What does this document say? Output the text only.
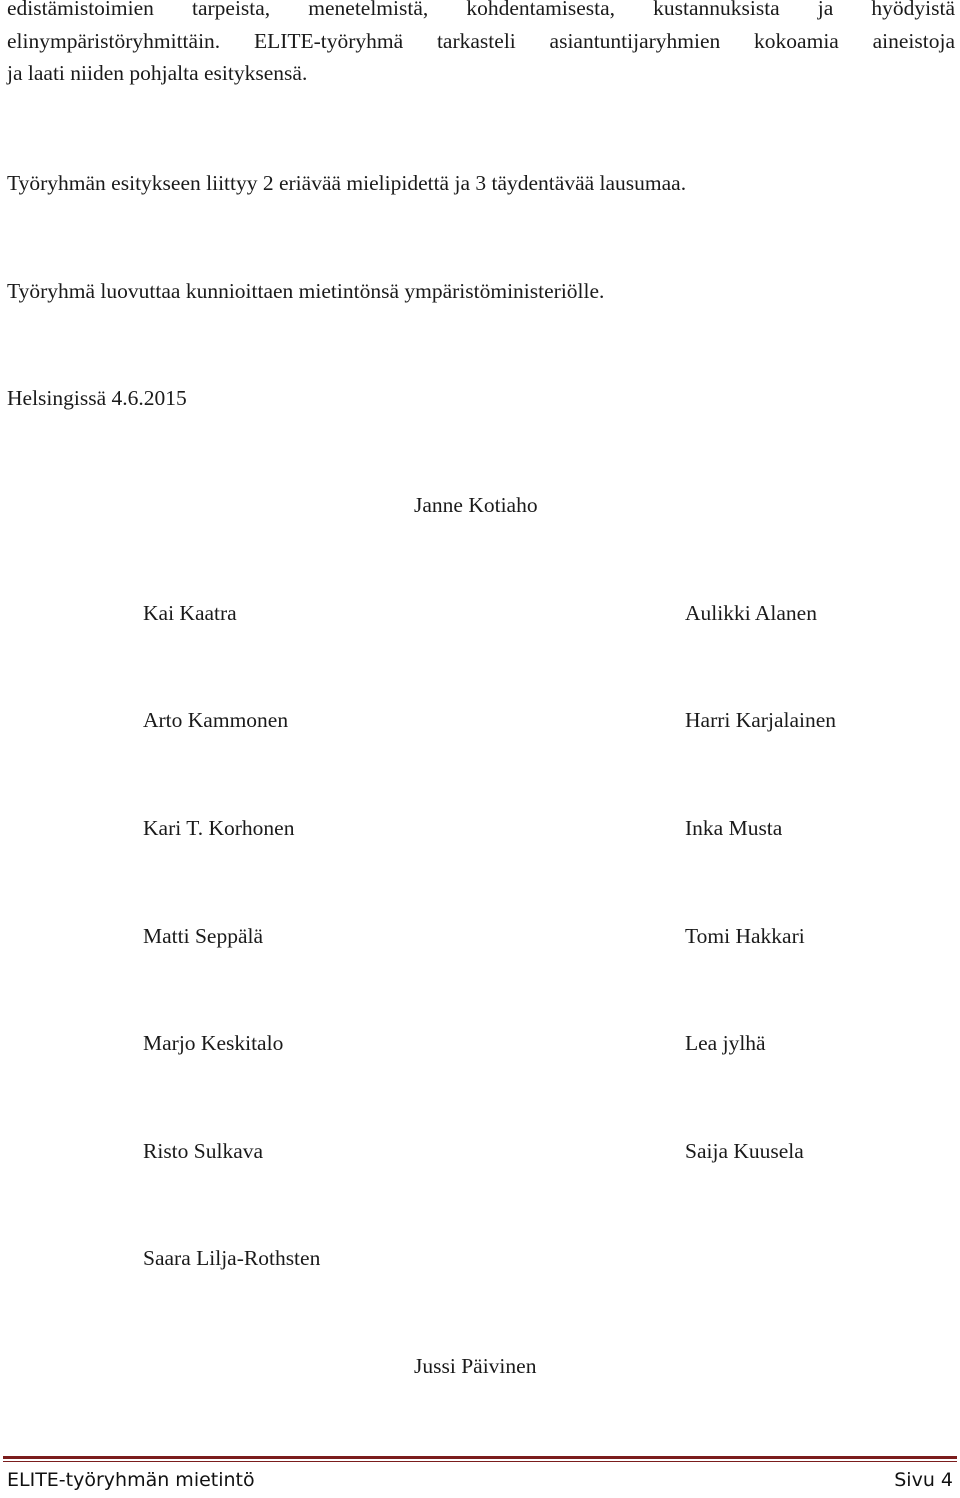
edistämistoimien tarpeista, menetelmistä, kohdentamisesta, kustannuksista ja hyödyistä
elinympäristöryhmittäin. ELITE-työryhmä tarkasteli asiantuntijaryhmien kokoamia aineistoja
ja laati niiden pohjalta esityksensä.

Työryhmän esitykseen liittyy 2 eriävää mielipidettä ja 3 täydentävää lausumaa.

Työryhmä luovuttaa kunnioittaen mietintönsä ympäristöministeriölle.

Helsingissä 4.6.2015

Janne Kotiaho
Kai Kaatra	Aulikki Alanen
Arto Kammonen	Harri Karjalainen
Kari T. Korhonen	Inka Musta
Matti Seppälä	Tomi Hakkari
Marjo Keskitalo	Lea jylhä
Risto Sulkava	Saija Kuusela
Saara Lilja-Rothsten
Jussi Päivinen
ELITE-työryhmän mietintö	Sivu 4
